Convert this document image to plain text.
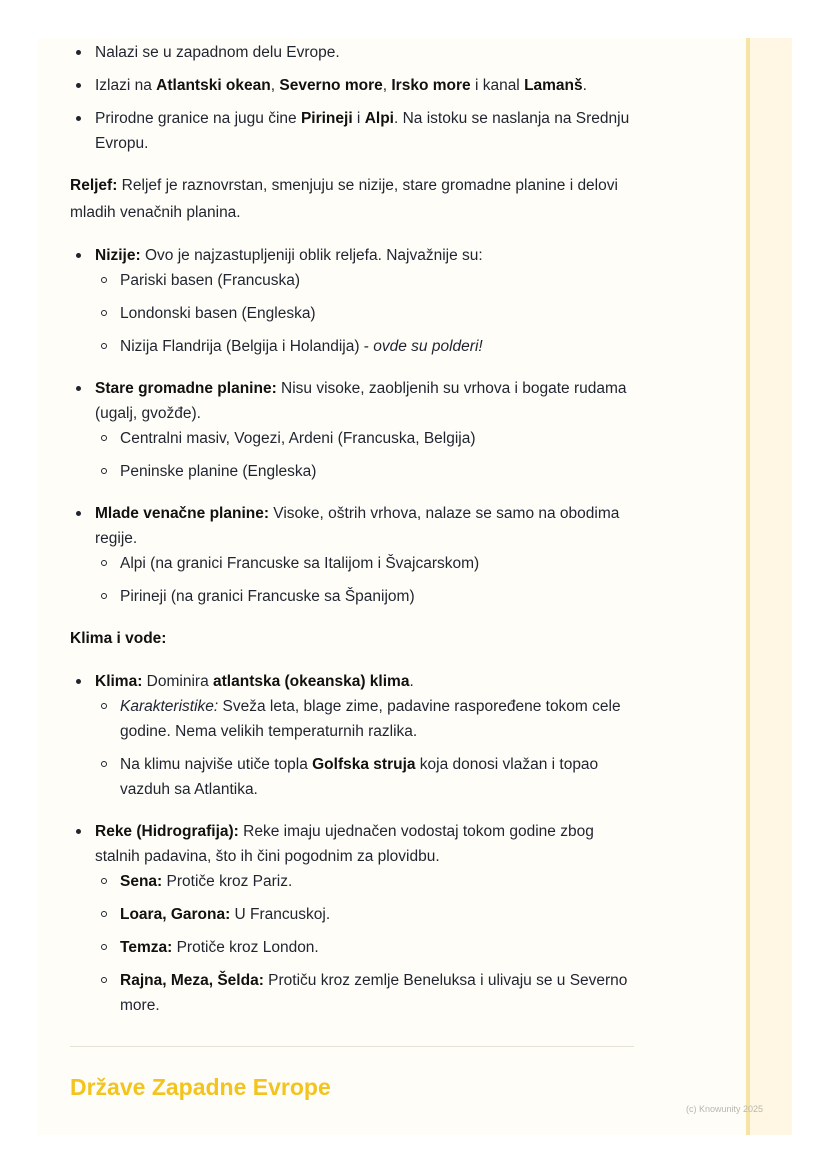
Nalazi se u zapadnom delu Evrope.
Izlazi na Atlantski okean, Severno more, Irsko more i kanal Lamanš.
Prirodne granice na jugu čine Pirineji i Alpi. Na istoku se naslanja na Srednju Evropu.

Reljef: Reljef je raznovrstan, smenjuju se nizije, stare gromadne planine i delovi mladih venačnih planina.

Nizije: Ovo je najzastupljeniji oblik reljefa. Najvažnije su:
Pariski basen (Francuska)
Londonski basen (Engleska)
Nizija Flandrija (Belgija i Holandija) - ovde su polderi!
Stare gromadne planine: Nisu visoke, zaobljenih su vrhova i bogate rudama (ugalj, gvožđe).
Centralni masiv, Vogezi, Ardeni (Francuska, Belgija)
Peninske planine (Engleska)
Mlade venačne planine: Visoke, oštrih vrhova, nalaze se samo na obodima regije.
Alpi (na granici Francuske sa Italijom i Švajcarskom)
Pirineji (na granici Francuske sa Španijom)

Klima i vode:

Klima: Dominira atlantska (okeanska) klima.
Karakteristike: Sveža leta, blage zime, padavine raspoređene tokom cele godine. Nema velikih temperaturnih razlika.
Na klimu najviše utiče topla Golfska struja koja donosi vlažan i topao vazduh sa Atlantika.
Reke (Hidrografija): Reke imaju ujednačen vodostaj tokom godine zbog stalnih padavina, što ih čini pogodnim za plovidbu.
Sena: Protiče kroz Pariz.
Loara, Garona: U Francuskoj.
Temza: Protiče kroz London.
Rajna, Meza, Šelda: Protiču kroz zemlje Beneluksa i ulivaju se u Severno more.
Države Zapadne Evrope
(c) Knowunity 2025
